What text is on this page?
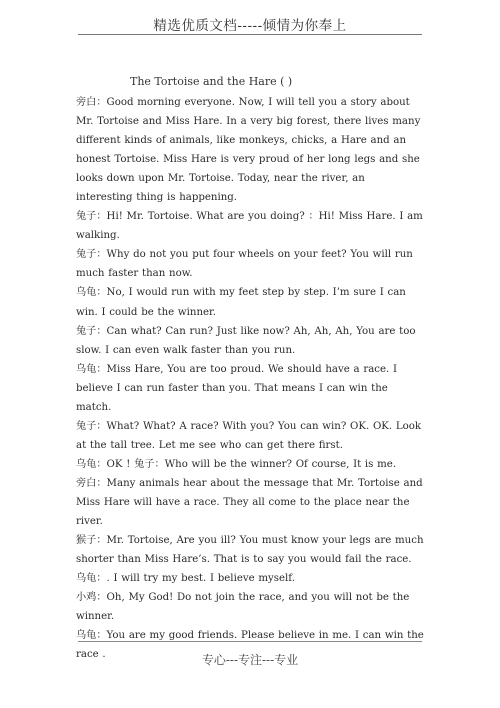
精选优质文档-----倾情为你奉上
The Tortoise and the Hare ( )

旁白：Good morning everyone. Now, I will tell you a story about Mr. Tortoise and Miss Hare. In a very big forest, there lives many different kinds of animals, like monkeys, chicks, a Hare and an honest Tortoise. Miss Hare is very proud of her long legs and she looks down upon Mr. Tortoise. Today, near the river, an interesting thing is happening.

兔子：Hi! Mr. Tortoise. What are you doing? ：Hi! Miss Hare. I am walking.

兔子：Why do not you put four wheels on your feet? You will run much faster than now.

乌龟：No, I would run with my feet step by step. I’m sure I can win. I could be the winner.

兔子：Can what? Can run? Just like now? Ah, Ah, Ah, You are too slow. I can even walk faster than you run.

乌龟：Miss Hare, You are too proud. We should have a race. I believe I can run faster than you. That means I can win the match.

兔子：What? What? A race? With you? You can win? OK. OK. Look at the tall tree. Let me see who can get there first.

乌龟：OK ! 兔子：Who will be the winner? Of course, It is me.

旁白：Many animals hear about the message that Mr. Tortoise and Miss Hare will have a race. They all come to the place near the river.

猴子：Mr. Tortoise, Are you ill? You must know your legs are much shorter than Miss Hare’s. That is to say you would fail the race.

乌龟：. I will try my best. I believe myself.

小鸡：Oh, My God! Do not join the race, and you will not be the winner.

乌龟：You are my good friends. Please believe in me. I can win the race .	专心---专注---专业
